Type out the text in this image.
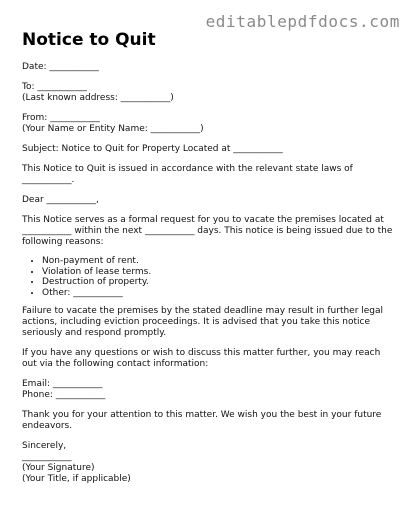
editablepdfdocs.com
Notice to Quit

Date: ___________

To: ___________
(Last known address: ___________)

From: ___________
(Your Name or Entity Name: ___________)

Subject: Notice to Quit for Property Located at ___________

This Notice to Quit is issued in accordance with the relevant state laws of ___________.

Dear ___________,

This Notice serves as a formal request for you to vacate the premises located at ___________ within the next ___________ days. This notice is being issued due to the following reasons:

• Non-payment of rent.
• Violation of lease terms.
• Destruction of property.
• Other: ___________

Failure to vacate the premises by the stated deadline may result in further legal actions, including eviction proceedings. It is advised that you take this notice seriously and respond promptly.

If you have any questions or wish to discuss this matter further, you may reach out via the following contact information:

Email: ___________
Phone: ___________

Thank you for your attention to this matter. We wish you the best in your future endeavors.

Sincerely,
___________
(Your Signature)
(Your Title, if applicable)
